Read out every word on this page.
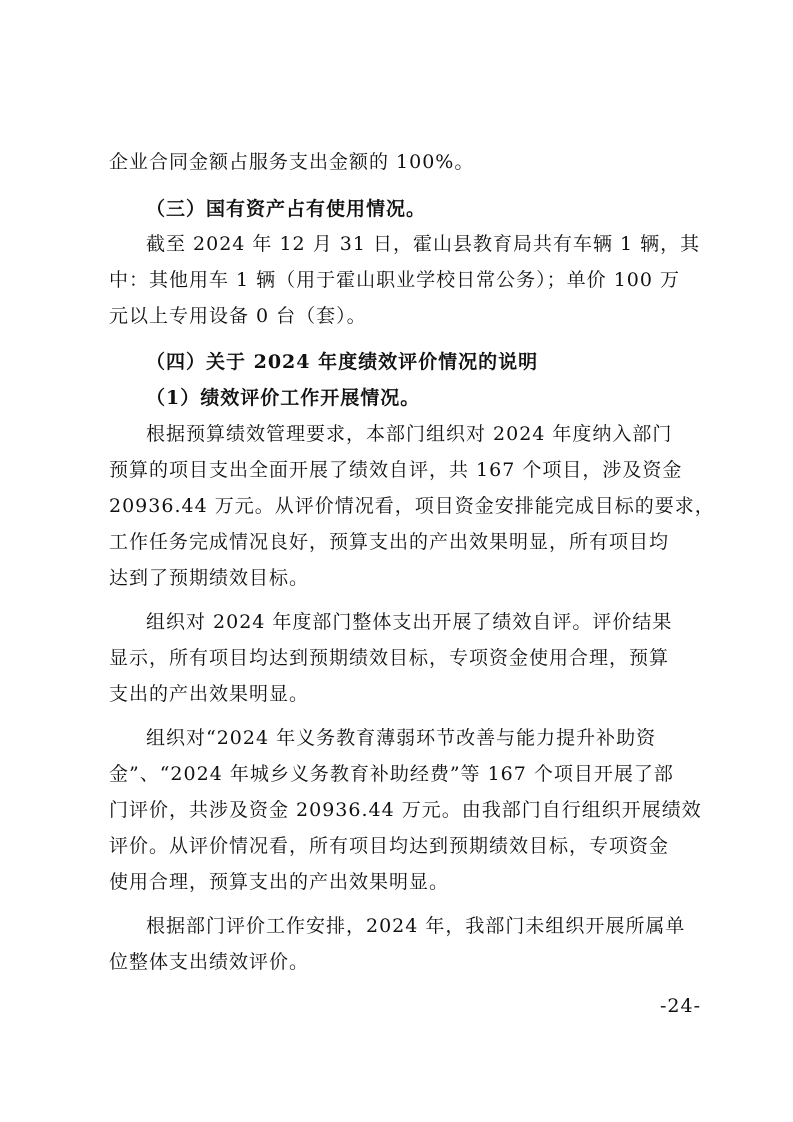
企业合同金额占服务支出金额的 100%。
（三）国有资产占有使用情况。
截至 2024 年 12 月 31 日，霍山县教育局共有车辆 1 辆，其
中：其他用车 1 辆（用于霍山职业学校日常公务）；单价 100 万
元以上专用设备 0 台（套）。
（四）关于 2024 年度绩效评价情况的说明
（1）绩效评价工作开展情况。
根据预算绩效管理要求，本部门组织对 2024 年度纳入部门
预算的项目支出全面开展了绩效自评，共 167 个项目，涉及资金
20936.44 万元。从评价情况看，项目资金安排能完成目标的要求，
工作任务完成情况良好，预算支出的产出效果明显，所有项目均
达到了预期绩效目标。
组织对 2024 年度部门整体支出开展了绩效自评。评价结果
显示，所有项目均达到预期绩效目标，专项资金使用合理，预算
支出的产出效果明显。
组织对“2024 年义务教育薄弱环节改善与能力提升补助资
金”、“2024 年城乡义务教育补助经费”等 167 个项目开展了部
门评价，共涉及资金 20936.44 万元。由我部门自行组织开展绩效
评价。从评价情况看，所有项目均达到预期绩效目标，专项资金
使用合理，预算支出的产出效果明显。
根据部门评价工作安排，2024 年，我部门未组织开展所属单
位整体支出绩效评价。
-24-
